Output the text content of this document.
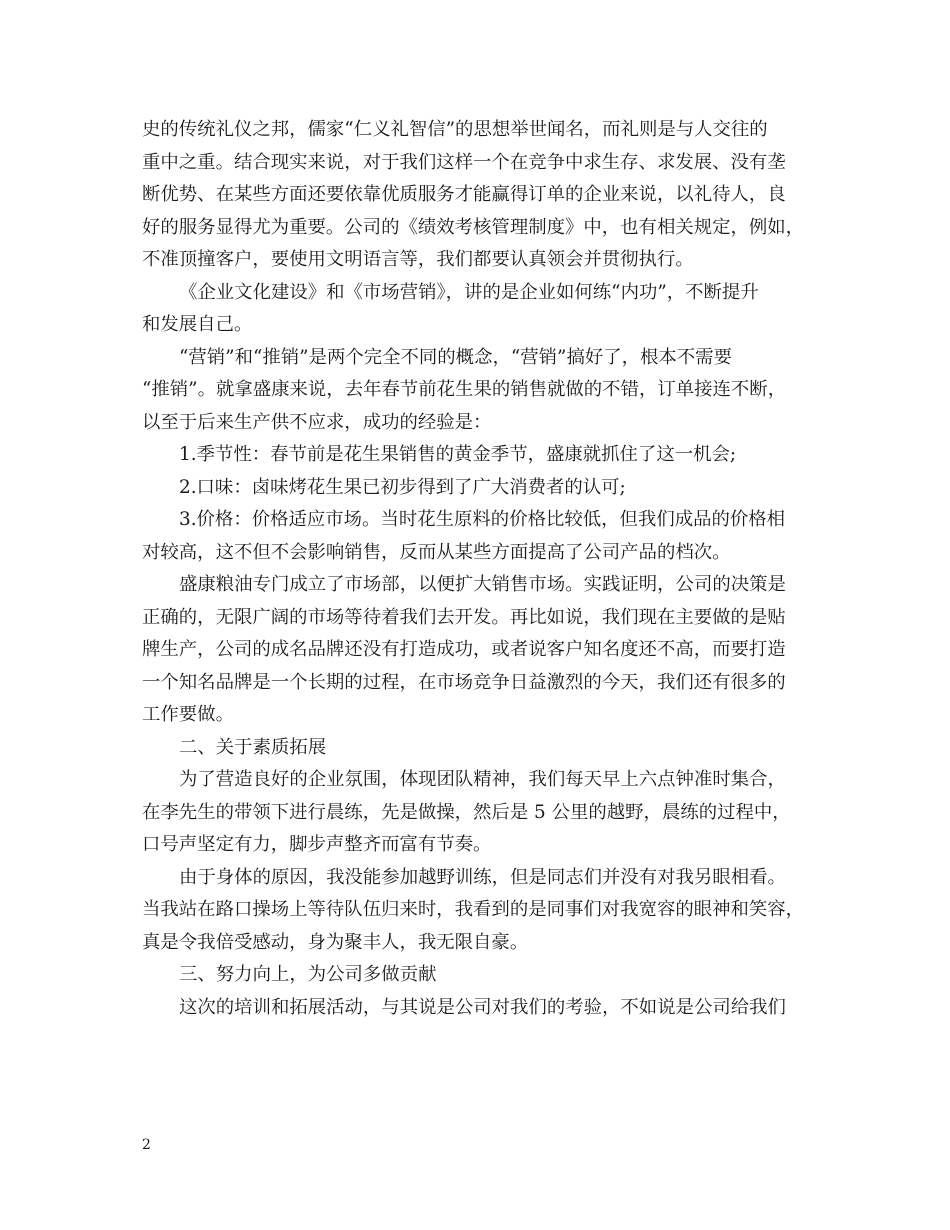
史的传统礼仪之邦，儒家“仁义礼智信”的思想举世闻名，而礼则是与人交往的

重中之重。结合现实来说，对于我们这样一个在竞争中求生存、求发展、没有垄

断优势、在某些方面还要依靠优质服务才能赢得订单的企业来说，以礼待人，良

好的服务显得尤为重要。公司的《绩效考核管理制度》中，也有相关规定，例如，

不准顶撞客户，要使用文明语言等，我们都要认真领会并贯彻执行。

《企业文化建设》和《市场营销》，讲的是企业如何练“内功”，不断提升

和发展自己。

“营销”和“推销”是两个完全不同的概念，“营销”搞好了，根本不需要

“推销”。就拿盛康来说，去年春节前花生果的销售就做的不错，订单接连不断，

以至于后来生产供不应求，成功的经验是：

1.季节性：春节前是花生果销售的黄金季节，盛康就抓住了这一机会;

2.口味：卤味烤花生果已初步得到了广大消费者的认可;

3.价格：价格适应市场。当时花生原料的价格比较低，但我们成品的价格相

对较高，这不但不会影响销售，反而从某些方面提高了公司产品的档次。

盛康粮油专门成立了市场部，以便扩大销售市场。实践证明，公司的决策是

正确的，无限广阔的市场等待着我们去开发。再比如说，我们现在主要做的是贴

牌生产，公司的成名品牌还没有打造成功，或者说客户知名度还不高，而要打造

一个知名品牌是一个长期的过程，在市场竞争日益激烈的今天，我们还有很多的

工作要做。

二、关于素质拓展

为了营造良好的企业氛围，体现团队精神，我们每天早上六点钟准时集合，

在李先生的带领下进行晨练，先是做操，然后是 5 公里的越野，晨练的过程中，

口号声坚定有力，脚步声整齐而富有节奏。

由于身体的原因，我没能参加越野训练，但是同志们并没有对我另眼相看。

当我站在路口操场上等待队伍归来时，我看到的是同事们对我宽容的眼神和笑容，

真是令我倍受感动，身为聚丰人，我无限自豪。

三、努力向上，为公司多做贡献

这次的培训和拓展活动，与其说是公司对我们的考验，不如说是公司给我们

2
